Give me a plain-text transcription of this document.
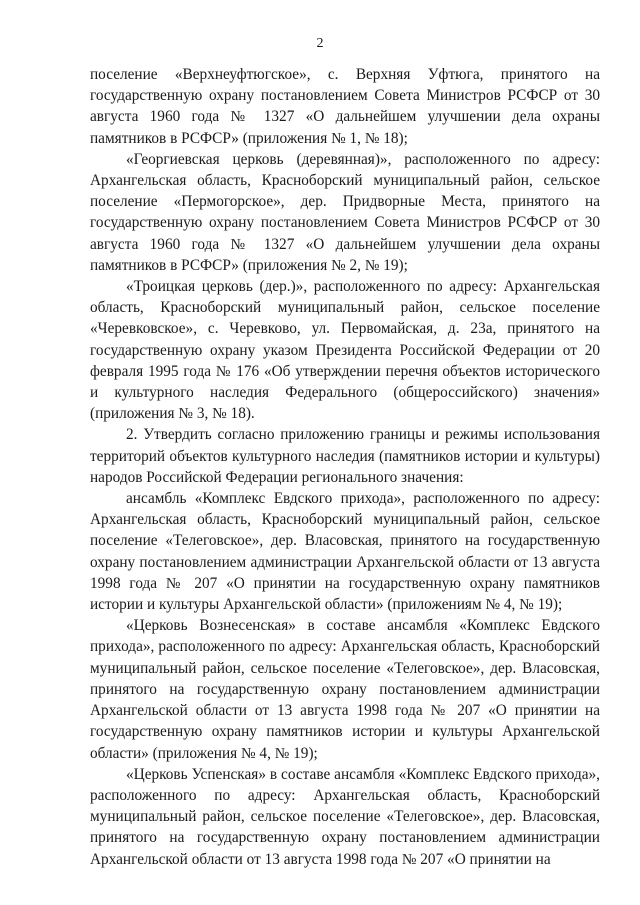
2

поселение «Верхнеуфтюгское», с. Верхняя Уфтюга, принятого на государственную охрану постановлением Совета Министров РСФСР от 30 августа 1960 года № 1327 «О дальнейшем улучшении дела охраны памятников в РСФСР» (приложения № 1, № 18);

«Георгиевская церковь (деревянная)», расположенного по адресу: Архангельская область, Красноборский муниципальный район, сельское поселение «Пермогорское», дер. Придворные Места, принятого на государственную охрану постановлением Совета Министров РСФСР от 30 августа 1960 года № 1327 «О дальнейшем улучшении дела охраны памятников в РСФСР» (приложения № 2, № 19);

«Троицкая церковь (дер.)», расположенного по адресу: Архангельская область, Красноборский муниципальный район, сельское поселение «Черевковское», с. Черевково, ул. Первомайская, д. 23а, принятого на государственную охрану указом Президента Российской Федерации от 20 февраля 1995 года № 176 «Об утверждении перечня объектов исторического и культурного наследия Федерального (общероссийского) значения» (приложения № 3, № 18).

2. Утвердить согласно приложению границы и режимы использования территорий объектов культурного наследия (памятников истории и культуры) народов Российской Федерации регионального значения:

ансамбль «Комплекс Евдского прихода», расположенного по адресу: Архангельская область, Красноборский муниципальный район, сельское поселение «Телеговское», дер. Власовская, принятого на государственную охрану постановлением администрации Архангельской области от 13 августа 1998 года № 207 «О принятии на государственную охрану памятников истории и культуры Архангельской области» (приложениям № 4, № 19);

«Церковь Вознесенская» в составе ансамбля «Комплекс Евдского прихода», расположенного по адресу: Архангельская область, Красноборский муниципальный район, сельское поселение «Телеговское», дер. Власовская, принятого на государственную охрану постановлением администрации Архангельской области от 13 августа 1998 года № 207 «О принятии на государственную охрану памятников истории и культуры Архангельской области» (приложения № 4, № 19);

«Церковь Успенская» в составе ансамбля «Комплекс Евдского прихода», расположенного по адресу: Архангельская область, Красноборский муниципальный район, сельское поселение «Телеговское», дер. Власовская, принятого на государственную охрану постановлением администрации Архангельской области от 13 августа 1998 года № 207 «О принятии на
